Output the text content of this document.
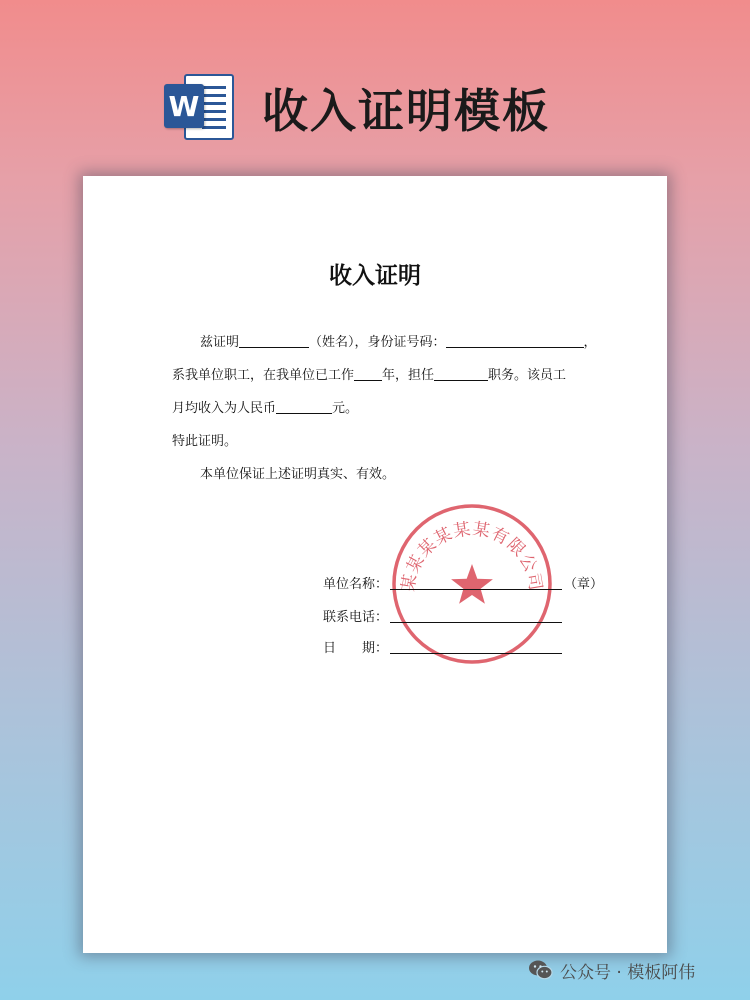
W 收入证明模板
收入证明

兹证明	（姓名），身份证号码：	，

系我单位职工，在我单位已工作 年，担任	职务。该员工

月均收入为人民币	元。

特此证明。

本单位保证上述证明真实、有效。

某某某某某某有限公司
单位名称：	（章）
联系电话：
日　　期：
公众号 · 模板阿伟
